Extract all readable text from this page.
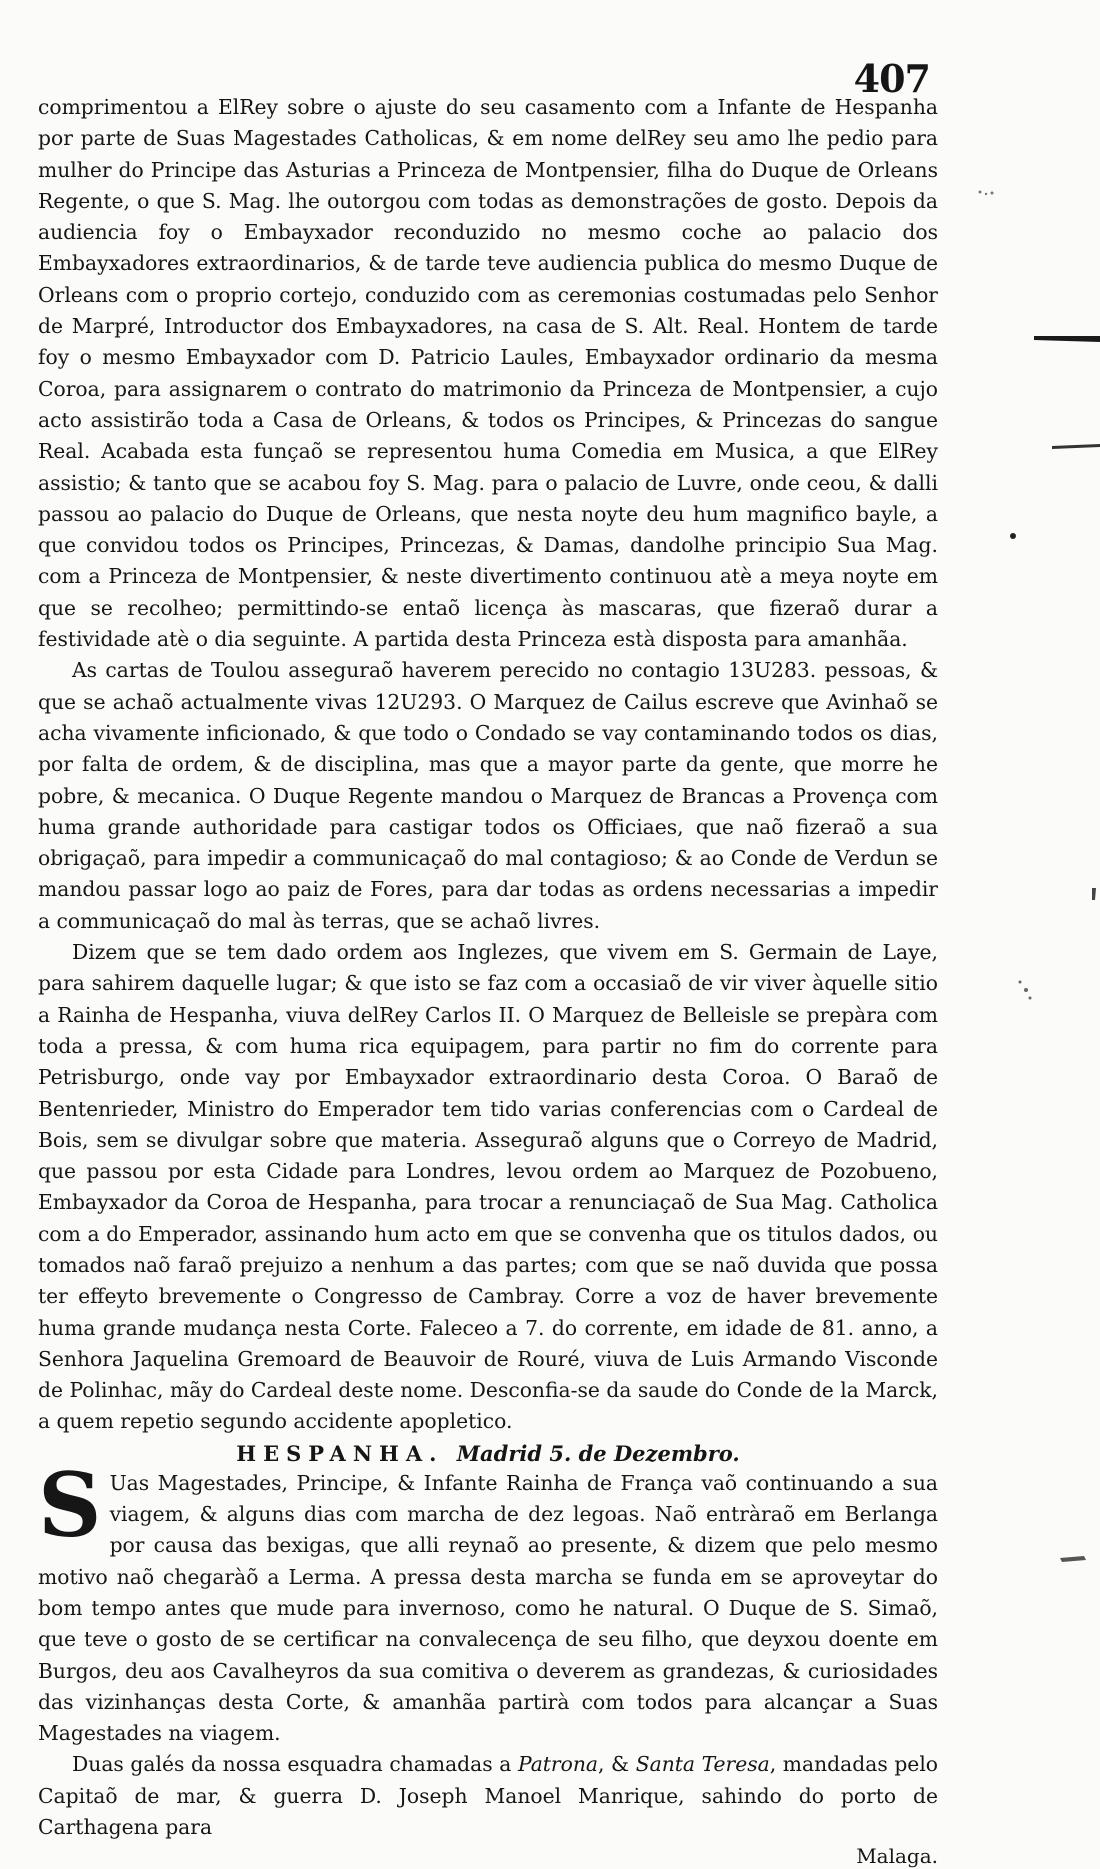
407

comprimentou a ElRey sobre o ajuste do seu casamento com a Infante de Hespanha por parte de Suas Magestades Catholicas, & em nome delRey seu amo lhe pedio para mulher do Principe das Asturias a Princeza de Montpensier, filha do Duque de Orleans Regente, o que S. Mag. lhe outorgou com todas as demonstrações de gosto. Depois da audiencia foy o Embayxador reconduzido no mesmo coche ao palacio dos Embayxadores extraordinarios, & de tarde teve audiencia publica do mesmo Duque de Orleans com o proprio cortejo, conduzido com as ceremonias costumadas pelo Senhor de Marpré, Introductor dos Embayxadores, na casa de S. Alt. Real. Hontem de tarde foy o mesmo Embayxador com D. Patricio Laules, Embayxador ordinario da mesma Coroa, para assignarem o contrato do matrimonio da Princeza de Montpensier, a cujo acto assistirão toda a Casa de Orleans, & todos os Principes, & Princezas do sangue Real. Acabada esta funçaõ se representou huma Comedia em Musica, a que ElRey assistio; & tanto que se acabou foy S. Mag. para o palacio de Luvre, onde ceou, & dalli passou ao palacio do Duque de Orleans, que nesta noyte deu hum magnifico bayle, a que convidou todos os Principes, Princezas, & Damas, dandolhe principio Sua Mag. com a Princeza de Montpensier, & neste divertimento continuou atè a meya noyte em que se recolheo; permittindo-se entaõ licença às mascaras, que fizeraõ durar a festividade atè o dia seguinte. A partida desta Princeza està disposta para amanhãa.

As cartas de Toulou asseguraõ haverem perecido no contagio 13U283. pessoas, & que se achaõ actualmente vivas 12U293. O Marquez de Cailus escreve que Avinhaõ se acha vivamente inficionado, & que todo o Condado se vay contaminando todos os dias, por falta de ordem, & de disciplina, mas que a mayor parte da gente, que morre he pobre, & mecanica. O Duque Regente mandou o Marquez de Brancas a Provença com huma grande authoridade para castigar todos os Officiaes, que naõ fizeraõ a sua obrigaçaõ, para impedir a communicaçaõ do mal contagioso; & ao Conde de Verdun se mandou passar logo ao paiz de Fores, para dar todas as ordens necessarias a impedir a communicaçaõ do mal às terras, que se achaõ livres.

Dizem que se tem dado ordem aos Inglezes, que vivem em S. Germain de Laye, para sahirem daquelle lugar; & que isto se faz com a occasiaõ de vir viver àquelle sitio a Rainha de Hespanha, viuva delRey Carlos II. O Marquez de Belleisle se prepàra com toda a pressa, & com huma rica equipagem, para partir no fim do corrente para Petrisburgo, onde vay por Embayxador extraordinario desta Coroa. O Baraõ de Bentenrieder, Ministro do Emperador tem tido varias conferencias com o Cardeal de Bois, sem se divulgar sobre que materia. Asseguraõ alguns que o Correyo de Madrid, que passou por esta Cidade para Londres, levou ordem ao Marquez de Pozobueno, Embayxador da Coroa de Hespanha, para trocar a renunciaçaõ de Sua Mag. Catholica com a do Emperador, assinando hum acto em que se convenha que os titulos dados, ou tomados naõ faraõ prejuizo a nenhum a das partes; com que se naõ duvida que possa ter effeyto brevemente o Congresso de Cambray. Corre a voz de haver brevemente huma grande mudança nesta Corte. Faleceo a 7. do corrente, em idade de 81. anno, a Senhora Jaquelina Gremoard de Beauvoir de Rouré, viuva de Luis Armando Visconde de Polinhac, mãy do Cardeal deste nome. Desconfia-se da saude do Conde de la Marck, a quem repetio segundo accidente apopletico.

HESPANHA. Madrid 5. de Dezembro.

S Uas Magestades, Principe, & Infante Rainha de França vaõ continuando a sua viagem, & alguns dias com marcha de dez legoas. Naõ entràraõ em Berlanga por causa das bexigas, que alli reynaõ ao presente, & dizem que pelo mesmo motivo naõ chegaràõ a Lerma. A pressa desta marcha se funda em se aproveytar do bom tempo antes que mude para invernoso, como he natural. O Duque de S. Simaõ, que teve o gosto de se certificar na convalecença de seu filho, que deyxou doente em Burgos, deu aos Cavalheyros da sua comitiva o deverem as grandezas, & curiosidades das vizinhanças desta Corte, & amanhãa partirà com todos para alcançar a Suas Magestades na viagem.

Duas galés da nossa esquadra chamadas a Patrona, & Santa Teresa, mandadas pelo Capitaõ de mar, & guerra D. Joseph Manoel Manrique, sahindo do porto de Carthagena para

Malaga.
